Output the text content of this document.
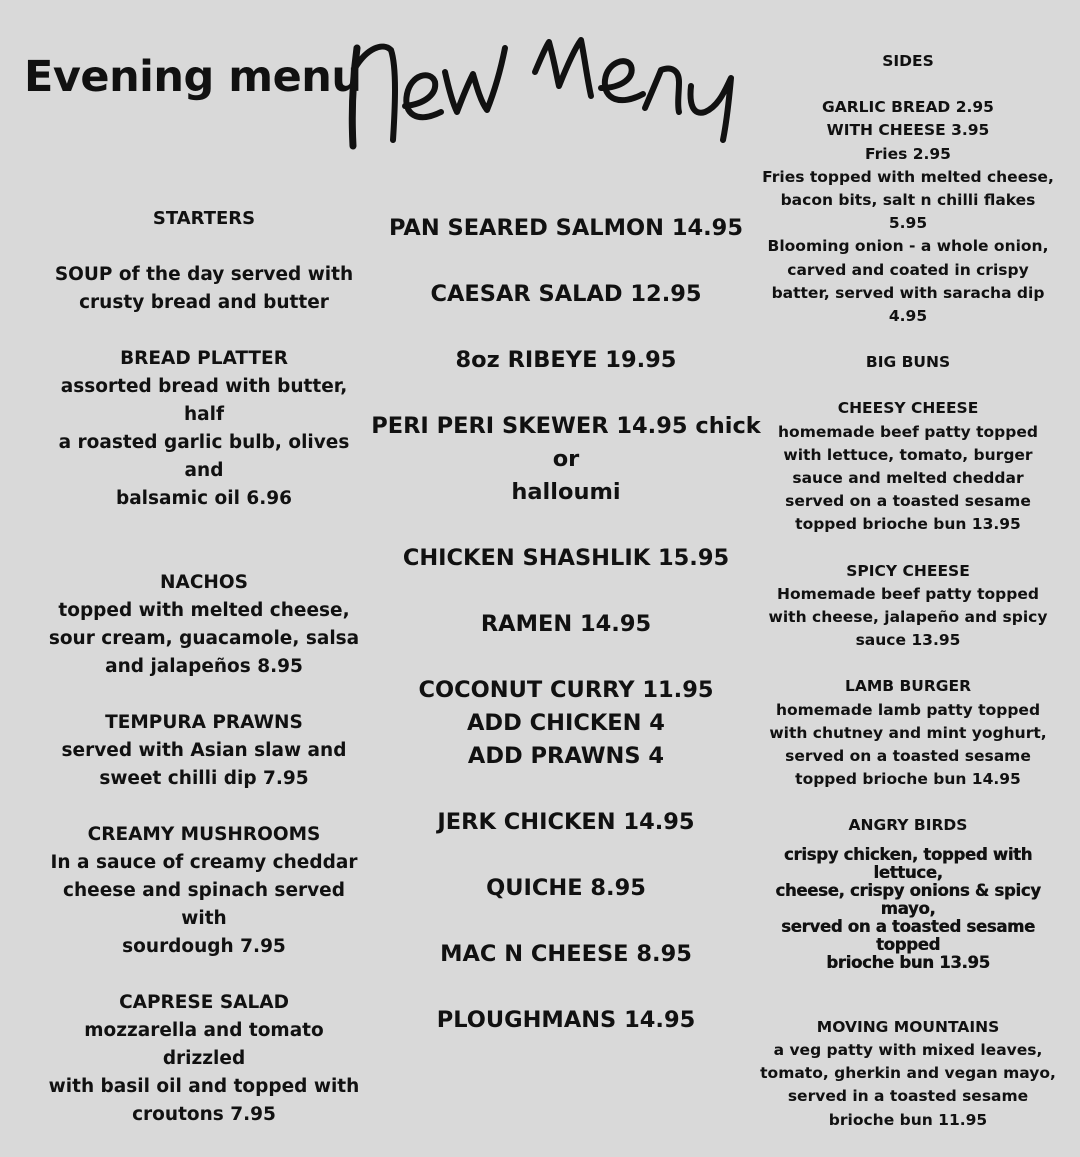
Evening menu
STARTERS
SOUP of the day served with
crusty bread and butter
BREAD PLATTER
assorted bread with butter, half
a roasted garlic bulb, olives and
balsamic oil 6.96
NACHOS
topped with melted cheese,
sour cream, guacamole, salsa
and jalapeños 8.95
TEMPURA PRAWNS
served with Asian slaw and
sweet chilli dip 7.95
CREAMY MUSHROOMS
In a sauce of creamy cheddar
cheese and spinach served with
sourdough 7.95
CAPRESE SALAD
mozzarella and tomato drizzled
with basil oil and topped with
croutons 7.95
PAN SEARED SALMON 14.95
CAESAR SALAD 12.95
8oz RIBEYE 19.95
PERI PERI SKEWER 14.95 chick or
halloumi
CHICKEN SHASHLIK 15.95
RAMEN 14.95
COCONUT CURRY 11.95
ADD CHICKEN 4
ADD PRAWNS 4
JERK CHICKEN 14.95
QUICHE 8.95
MAC N CHEESE 8.95
PLOUGHMANS 14.95
SIDES
GARLIC BREAD 2.95
WITH CHEESE 3.95
Fries 2.95
Fries topped with melted cheese,
bacon bits, salt n chilli flakes 5.95
Blooming onion - a whole onion,
carved and coated in crispy
batter, served with saracha dip
4.95
BIG BUNS
CHEESY CHEESE
homemade beef patty topped
with lettuce, tomato, burger
sauce and melted cheddar
served on a toasted sesame
topped brioche bun 13.95
SPICY CHEESE
Homemade beef patty topped
with cheese, jalapeño and spicy
sauce 13.95
LAMB BURGER
homemade lamb patty topped
with chutney and mint yoghurt,
served on a toasted sesame
topped brioche bun 14.95
ANGRY BIRDS
crispy chicken, topped with lettuce,
cheese, crispy onions & spicy mayo,
served on a toasted sesame topped
brioche bun 13.95
MOVING MOUNTAINS
a veg patty with mixed leaves,
tomato, gherkin and vegan mayo,
served in a toasted sesame
brioche bun 11.95
